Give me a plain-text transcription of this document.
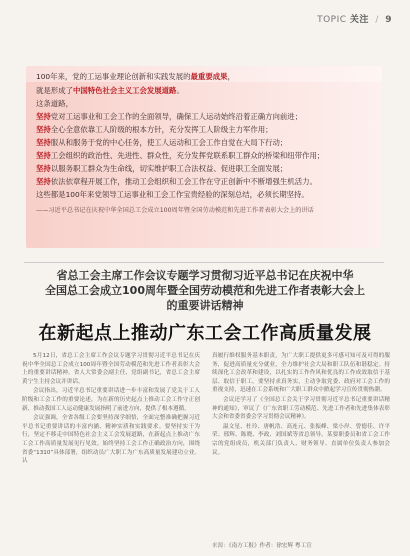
TOPIC 关注 / 9
100年来，党的工运事业理论创新和实践发展的最重要成果，
就是形成了中国特色社会主义工会发展道路。
这条道路，
坚持党对工运事业和工会工作的全面领导，确保工人运动始终沿着正确方向前进；
坚持全心全意依靠工人阶级的根本方针，充分发挥工人阶级主力军作用；
坚持服从和服务于党的中心任务，使工人运动和工会工作自觉在大局下行动；
坚持工会组织的政治性、先进性、群众性，充分发挥党联系职工群众的桥梁和纽带作用；
坚持以服务职工群众为生命线，切实维护职工合法权益、促进职工全面发展；
坚持依法依章程开展工作，推动工会组织和工会工作在守正创新中不断增强生机活力。
这些都是100年来党领导工运事业和工会工作宝贵经验的深刻总结，必须长期坚持。
——习近平总书记在庆祝中华全国总工会成立100周年暨全国劳动模范和先进工作者表彰大会上的讲话
省总工会主席工作会议专题学习贯彻习近平总书记在庆祝中华
全国总工会成立100周年暨全国劳动模范和先进工作者表彰大会上
的重要讲话精神
在新起点上推动广东工会工作高质量发展

5月12日，省总工会主席工作会议专题学习贯彻习近平总书记在庆祝中华全国总工会成立100周年暨全国劳动模范和先进工作者表彰大会上的重要讲话精神。省人大常委会副主任、党组副书记，省总工会主席黄宁生主持会议并讲话。

会议指出，习近平总书记重要讲话进一步丰富和发展了党关于工人阶级和工会工作的重要论述，为在新的历史起点上推动工会工作守正创新、推动我国工人运动健康发展指明了前进方向，提供了根本遵循。

会议强调，全省各级工会要坚持深学细悟，全面完整准确把握习近平总书记重要讲话的丰富内涵、精神实质和实践要求。要坚持实干为行，坚定不移走中国特色社会主义工会发展道路，在新起点上推动广东工会工作高质量发展见行见效。始终坚持工会工作正确政治方向，围绕省委“1310”具体部署，组织动员广大职工为广东高质量发展建功立业。认

真履行维权服务基本职责，为广大职工提供更多可感可知可及可得的服务，促进高质量充分就业，全力维护社会大局和职工队伍和谐稳定。持续深化工会改革和建设，以扎实的工作作风和优良的工作成效取信于基层、取信于职工。要坚持求真务实，主动争取党委、政府对工会工作的重视支持，迅速在工会系统和广大职工群众中掀起学习宣传贯彻热潮。

会议还学习了《全国总工会关于学习贯彻习近平总书记重要讲话精神的通知》，审议了《广东省职工劳动模范、先进工作者和先进集体表彰大会和省委省委会学习贯彻会议精神》。

温文星、杜玲、唐帆浩、高连元、张振峰、梁小岸、曾德佳、许平荣、邢辉、陈晓、李政、刘国斌等省总领导，某要职委员和省工会工作宗的党组成员，机关部门负责人、财务领导、直属单位负责人参加会议。

来源：《南方工报》作者：徐宏辉 粤工宣
